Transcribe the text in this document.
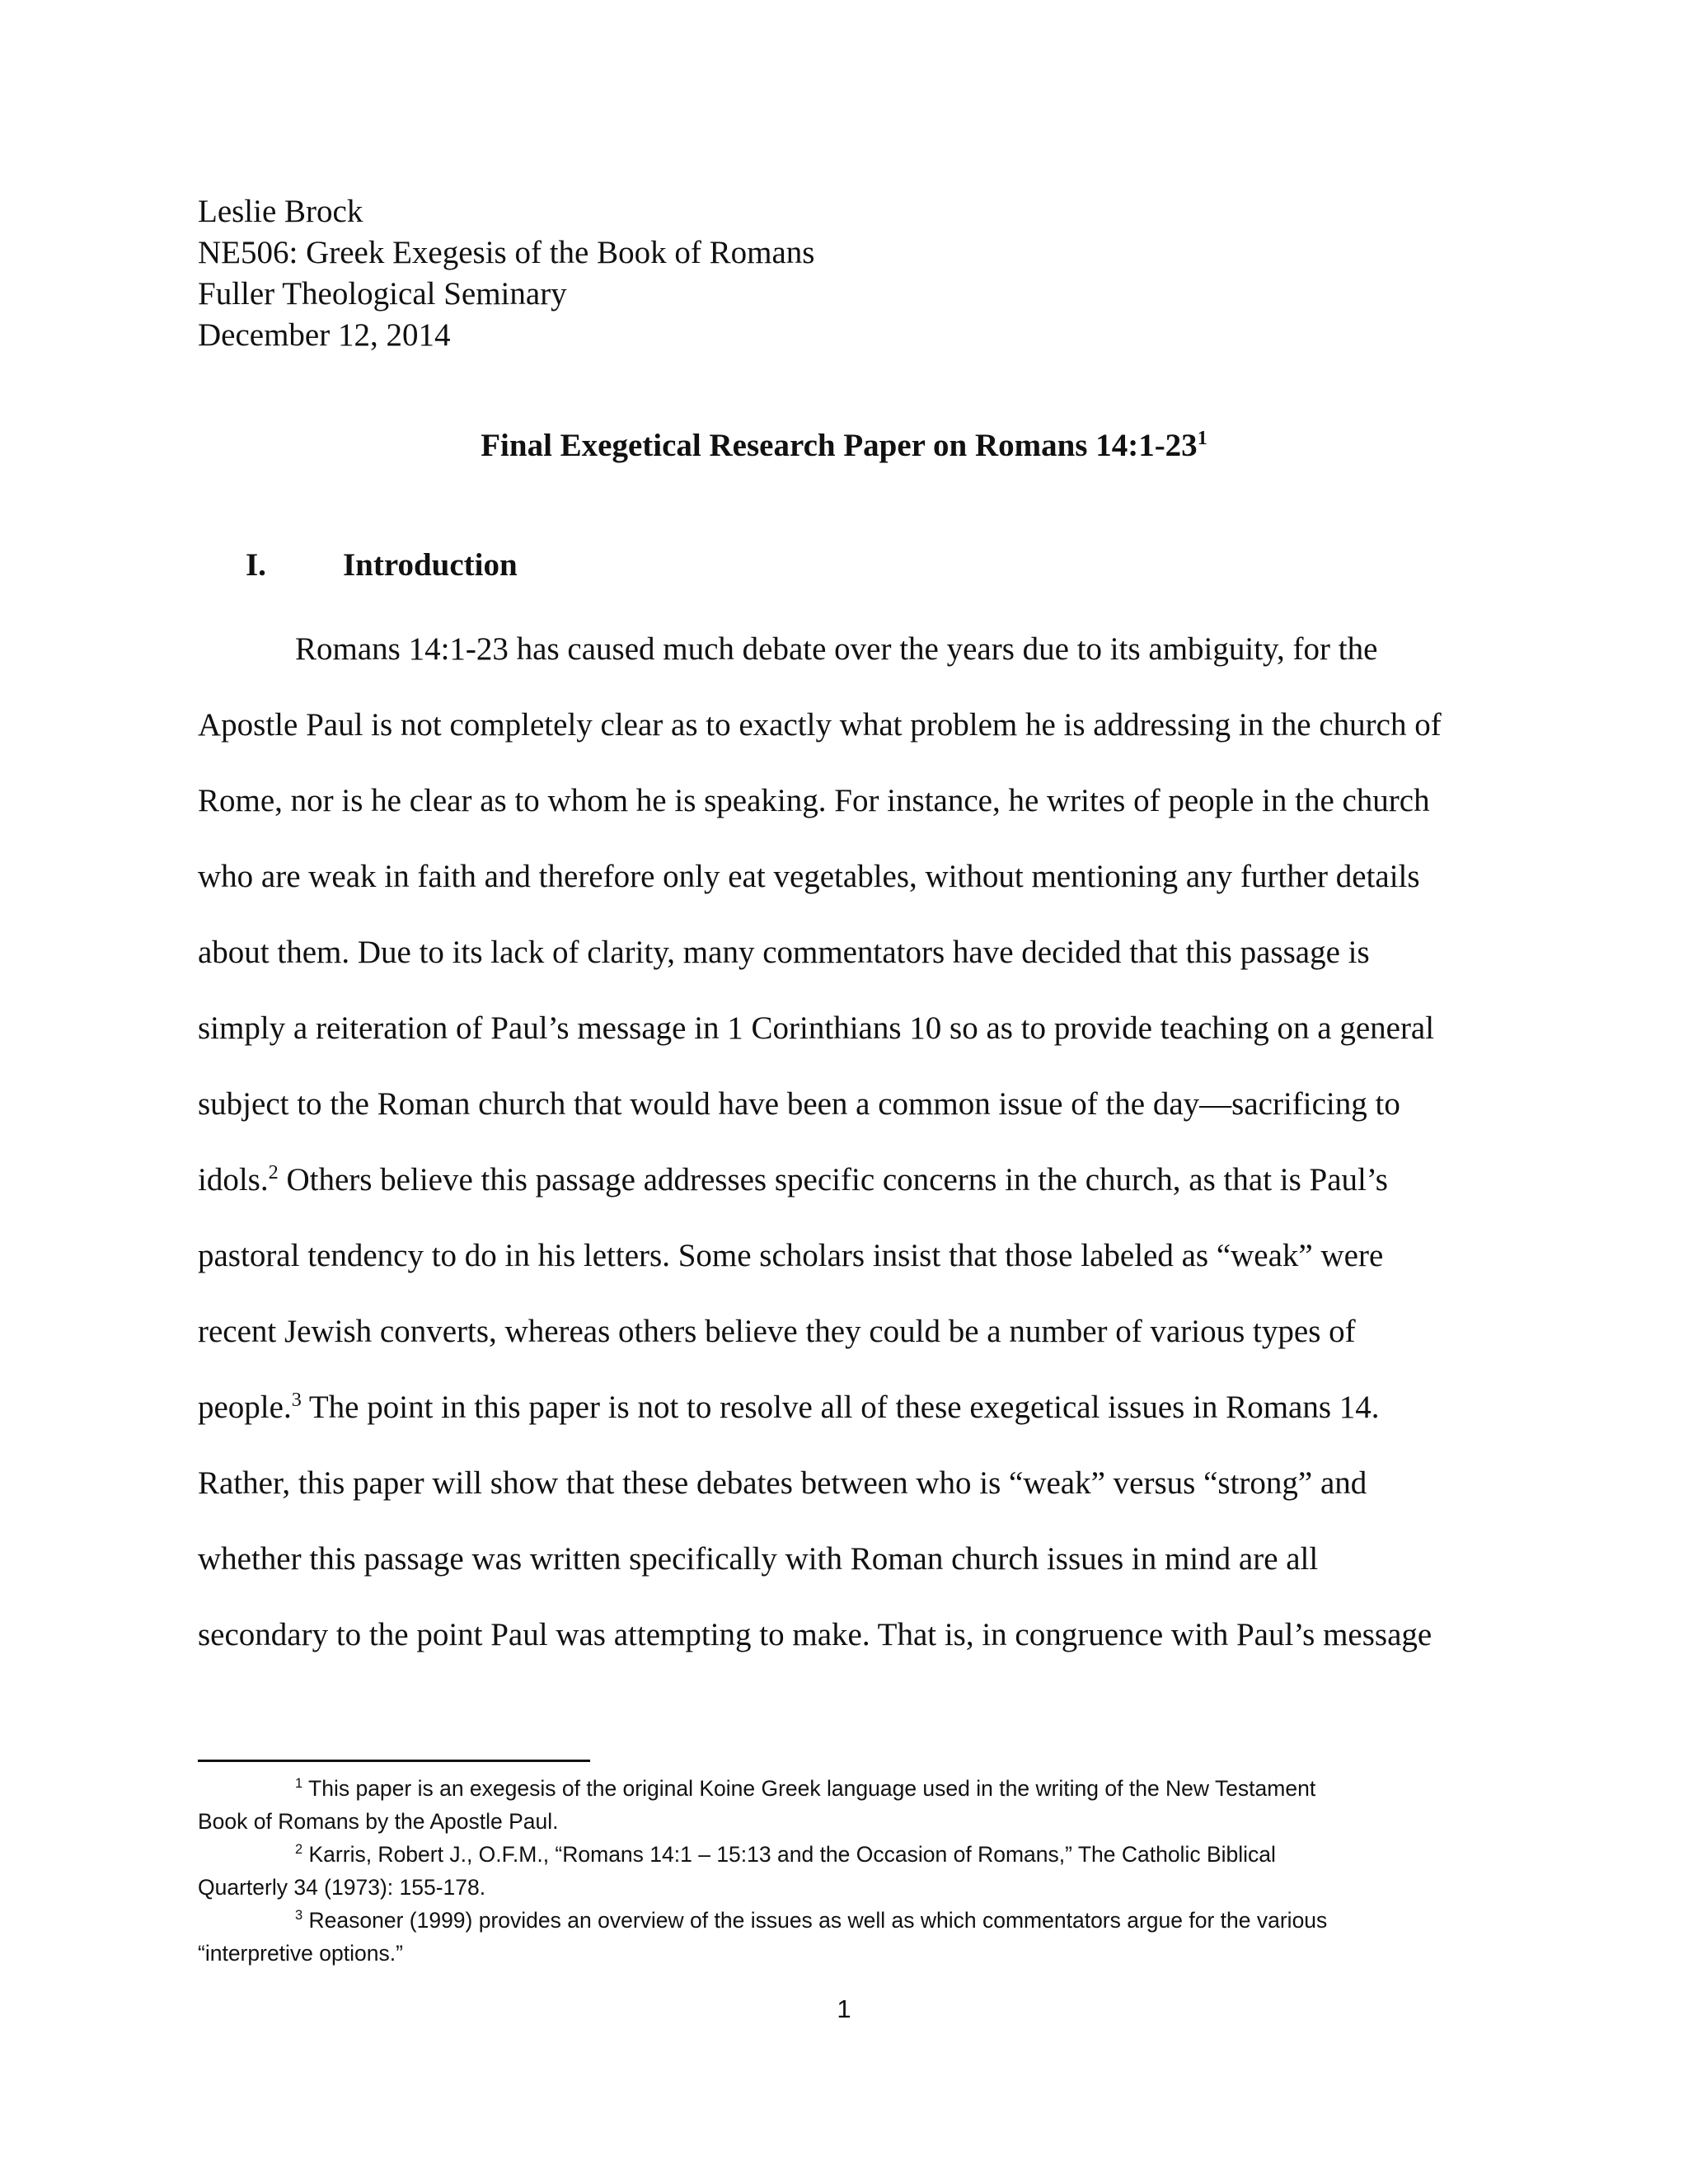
Leslie Brock
NE506: Greek Exegesis of the Book of Romans
Fuller Theological Seminary
December 12, 2014
Final Exegetical Research Paper on Romans $14:1-23^1$
I. Introduction
Romans 14:1-23 has caused much debate over the years due to its ambiguity, for the
Apostle Paul is not completely clear as to exactly what problem he is addressing in the church of
Rome, nor is he clear as to whom he is speaking. For instance, he writes of people in the church
who are weak in faith and therefore only eat vegetables, without mentioning any further details
about them. Due to its lack of clarity, many commentators have decided that this passage is
simply a reiteration of Paul’s message in 1 Corinthians 10 so as to provide teaching on a general
subject to the Roman church that would have been a common issue of the day—sacrificing to
idols.$^2$ Others believe this passage addresses specific concerns in the church, as that is Paul’s
pastoral tendency to do in his letters. Some scholars insist that those labeled as “weak” were
recent Jewish converts, whereas others believe they could be a number of various types of
people.$^3$ The point in this paper is not to resolve all of these exegetical issues in Romans 14.
Rather, this paper will show that these debates between who is “weak” versus “strong” and
whether this passage was written specifically with Roman church issues in mind are all
secondary to the point Paul was attempting to make. That is, in congruence with Paul’s message
$^1$ This paper is an exegesis of the original Koine Greek language used in the writing of the New Testament
Book of Romans by the Apostle Paul.
$^2$ Karris, Robert J., O.F.M., “Romans 14:1 – 15:13 and the Occasion of Romans,” The Catholic Biblical
Quarterly 34 (1973): 155-178.
$^3$ Reasoner (1999) provides an overview of the issues as well as which commentators argue for the various
“interpretive options.”
1
